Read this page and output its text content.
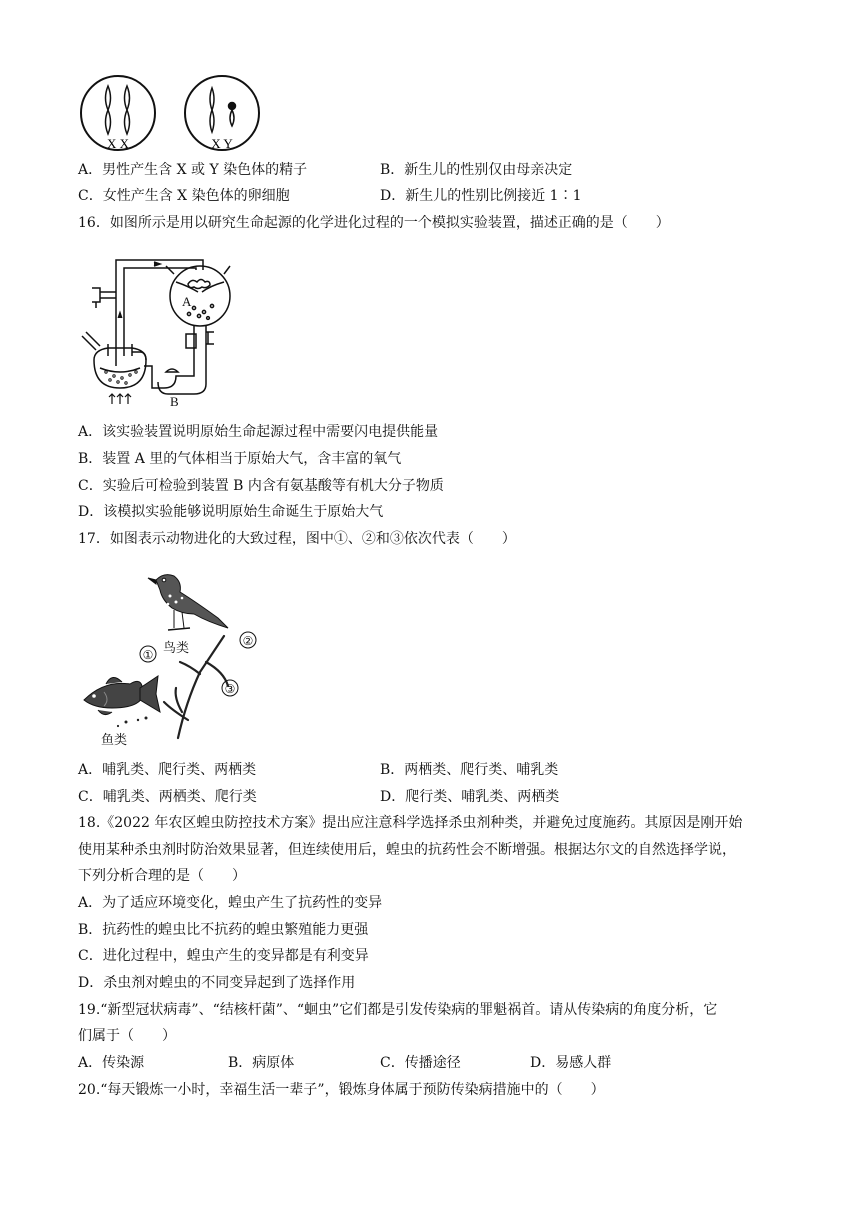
X X	X Y
A．男性产生含 X 或 Y 染色体的精子	B．新生儿的性别仅由母亲决定
C．女性产生含 X 染色体的卵细胞	D．新生儿的性别比例接近 1∶1
16．如图所示是用以研究生命起源的化学进化过程的一个模拟实验装置，描述正确的是（　　）
A
B
A．该实验装置说明原始生命起源过程中需要闪电提供能量
B．装置 A 里的气体相当于原始大气，含丰富的氧气
C．实验后可检验到装置 B 内含有氨基酸等有机大分子物质
D．该模拟实验能够说明原始生命诞生于原始大气
17．如图表示动物进化的大致过程，图中①、②和③依次代表（　　）
鸟类
①
②
③
鱼类
A．哺乳类、爬行类、两栖类	B．两栖类、爬行类、哺乳类
C．哺乳类、两栖类、爬行类	D．爬行类、哺乳类、两栖类
18.《2022 年农区蝗虫防控技术方案》提出应注意科学选择杀虫剂种类，并避免过度施药。其原因是刚开始
使用某种杀虫剂时防治效果显著，但连续使用后，蝗虫的抗药性会不断增强。根据达尔文的自然选择学说，
下列分析合理的是（　　）
A．为了适应环境变化，蝗虫产生了抗药性的变异
B．抗药性的蝗虫比不抗药的蝗虫繁殖能力更强
C．进化过程中，蝗虫产生的变异都是有利变异
D．杀虫剂对蝗虫的不同变异起到了选择作用
19.“新型冠状病毒”、“结核杆菌”、“蛔虫”它们都是引发传染病的罪魁祸首。请从传染病的角度分析，它
们属于（　　）
A．传染源	B．病原体	C．传播途径	D．易感人群
20.“每天锻炼一小时，幸福生活一辈子”，锻炼身体属于预防传染病措施中的（　　）
